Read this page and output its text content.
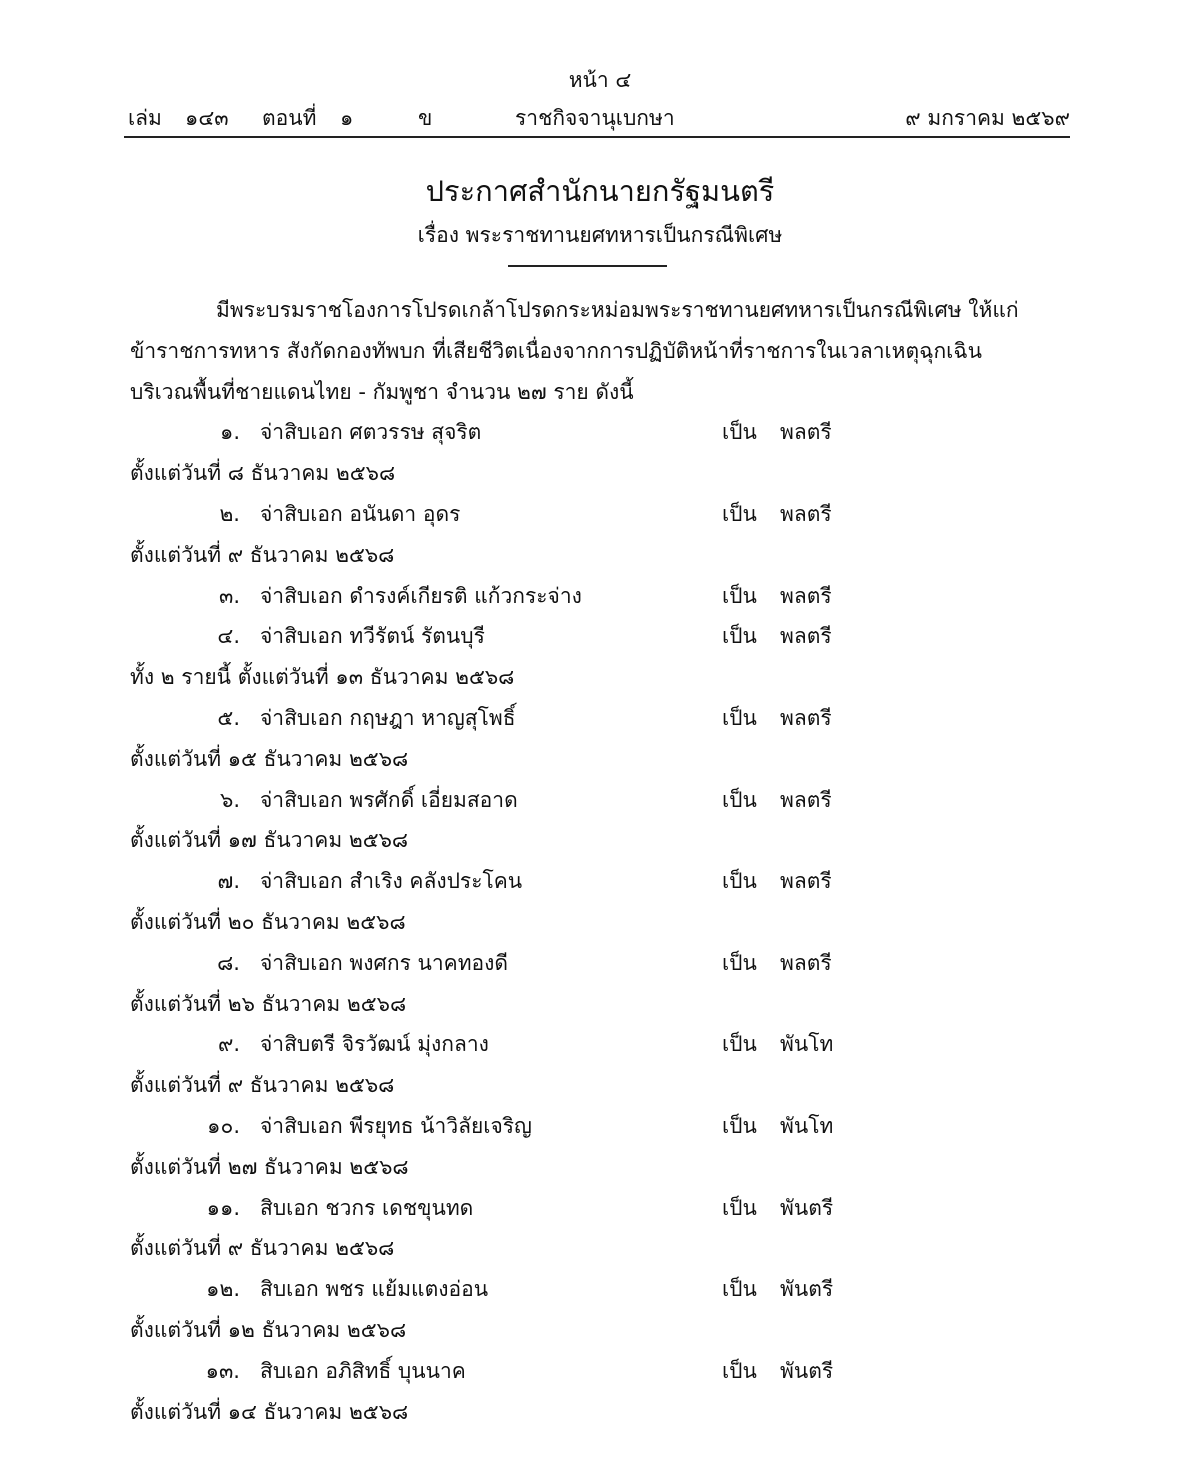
หน้า ๔
เล่ม ๑๔๓ ตอนที่ ๑	ข	ราชกิจจานุเบกษา	๙ มกราคม ๒๕๖๙
ประกาศสำนักนายกรัฐมนตรี
เรื่อง พระราชทานยศทหารเป็นกรณีพิเศษ
มีพระบรมราชโองการโปรดเกล้าโปรดกระหม่อมพระราชทานยศทหารเป็นกรณีพิเศษ ให้แก่
ข้าราชการทหาร สังกัดกองทัพบก ที่เสียชีวิตเนื่องจากการปฏิบัติหน้าที่ราชการในเวลาเหตุฉุกเฉิน
บริเวณพื้นที่ชายแดนไทย - กัมพูชา จำนวน ๒๗ ราย ดังนี้
๑. จ่าสิบเอก ศตวรรษ สุจริต	เป็น พลตรี
ตั้งแต่วันที่ ๘ ธันวาคม ๒๕๖๘
๒. จ่าสิบเอก อนันดา อุดร	เป็น พลตรี
ตั้งแต่วันที่ ๙ ธันวาคม ๒๕๖๘
๓. จ่าสิบเอก ดำรงค์เกียรติ แก้วกระจ่าง	เป็น พลตรี
๔. จ่าสิบเอก ทวีรัตน์ รัตนบุรี	เป็น พลตรี
ทั้ง ๒ รายนี้ ตั้งแต่วันที่ ๑๓ ธันวาคม ๒๕๖๘
๕. จ่าสิบเอก กฤษฎา หาญสุโพธิ์	เป็น พลตรี
ตั้งแต่วันที่ ๑๕ ธันวาคม ๒๕๖๘
๖. จ่าสิบเอก พรศักดิ์ เอี่ยมสอาด	เป็น พลตรี
ตั้งแต่วันที่ ๑๗ ธันวาคม ๒๕๖๘
๗. จ่าสิบเอก สำเริง คลังประโคน	เป็น พลตรี
ตั้งแต่วันที่ ๒๐ ธันวาคม ๒๕๖๘
๘. จ่าสิบเอก พงศกร นาคทองดี	เป็น พลตรี
ตั้งแต่วันที่ ๒๖ ธันวาคม ๒๕๖๘
๙. จ่าสิบตรี จิรวัฒน์ มุ่งกลาง	เป็น พันโท
ตั้งแต่วันที่ ๙ ธันวาคม ๒๕๖๘
๑๐. จ่าสิบเอก พีรยุทธ น้าวิลัยเจริญ	เป็น พันโท
ตั้งแต่วันที่ ๒๗ ธันวาคม ๒๕๖๘
๑๑. สิบเอก ชวกร เดชขุนทด	เป็น พันตรี
ตั้งแต่วันที่ ๙ ธันวาคม ๒๕๖๘
๑๒. สิบเอก พชร แย้มแตงอ่อน	เป็น พันตรี
ตั้งแต่วันที่ ๑๒ ธันวาคม ๒๕๖๘
๑๓. สิบเอก อภิสิทธิ์ บุนนาค	เป็น พันตรี
ตั้งแต่วันที่ ๑๔ ธันวาคม ๒๕๖๘
